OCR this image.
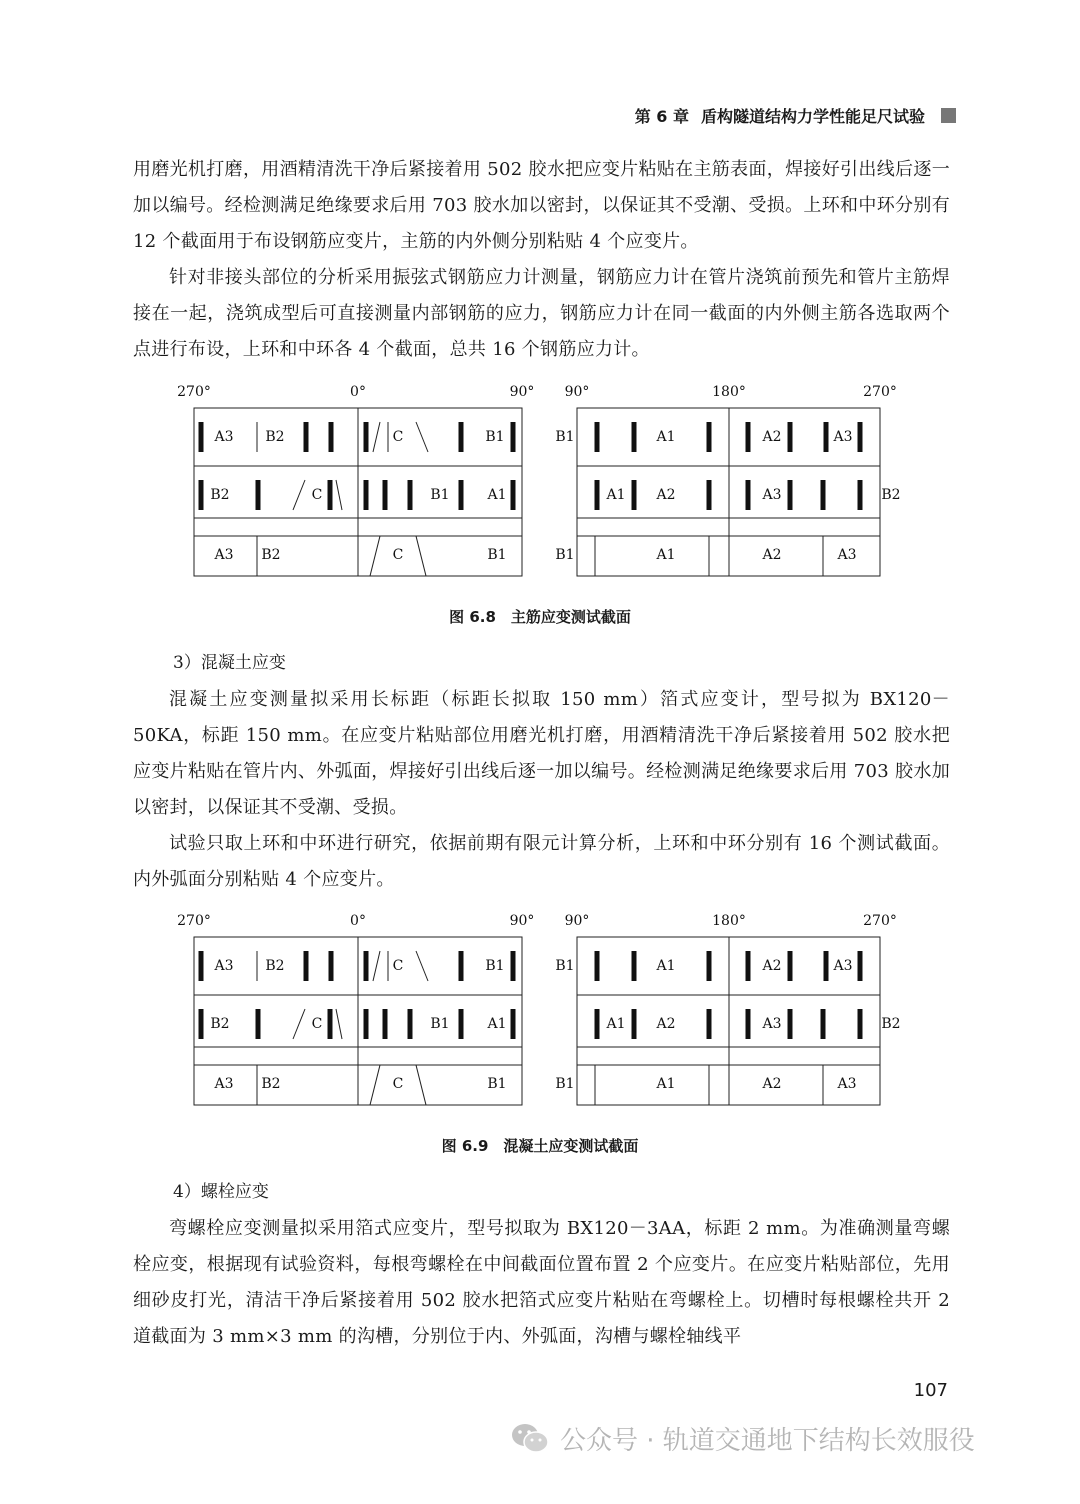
第 6 章 盾构隧道结构力学性能足尺试验

用磨光机打磨，用酒精清洗干净后紧接着用 502 胶水把应变片粘贴在主筋表面，焊接好引出线后逐一加以编号。经检测满足绝缘要求后用 703 胶水加以密封，以保证其不受潮、受损。上环和中环分别有 12 个截面用于布设钢筋应变片，主筋的内外侧分别粘贴 4 个应变片。

针对非接头部位的分析采用振弦式钢筋应力计测量，钢筋应力计在管片浇筑前预先和管片主筋焊接在一起，浇筑成型后可直接测量内部钢筋的应力，钢筋应力计在同一截面的内外侧主筋各选取两个点进行布设，上环和中环各 4 个截面，总共 16 个钢筋应力计。

270°	0°	90° 90°	180°	270°
A3 B2	C	B1
B2	C	B1	A1
A3 B2	C	B1
B1	A1	A2	A3
A1 A2	A3	B2
B1	A1	A2	A3
图 6.8　主筋应变测试截面

3）混凝土应变

混凝土应变测量拟采用长标距（标距长拟取 150 mm）箔式应变计，型号拟为 BX120－50KA，标距 150 mm。在应变片粘贴部位用磨光机打磨，用酒精清洗干净后紧接着用 502 胶水把应变片粘贴在管片内、外弧面，焊接好引出线后逐一加以编号。经检测满足绝缘要求后用 703 胶水加以密封，以保证其不受潮、受损。

试验只取上环和中环进行研究，依据前期有限元计算分析，上环和中环分别有 16 个测试截面。内外弧面分别粘贴 4 个应变片。

270°	0°	90° 90°	180°	270°
A3 B2	C	B1
B2	C	B1	A1
A3 B2	C	B1
B1	A1	A2	A3
A1 A2	A3	B2
B1	A1	A2	A3
图 6.9　混凝土应变测试截面

4）螺栓应变

弯螺栓应变测量拟采用箔式应变片，型号拟取为 BX120－3AA，标距 2 mm。为准确测量弯螺栓应变，根据现有试验资料，每根弯螺栓在中间截面位置布置 2 个应变片。在应变片粘贴部位，先用细砂皮打光，清洁干净后紧接着用 502 胶水把箔式应变片粘贴在弯螺栓上。切槽时每根螺栓共开 2 道截面为 3 mm×3 mm 的沟槽，分别位于内、外弧面，沟槽与螺栓轴线平

107
公众号 · 轨道交通地下结构长效服役
